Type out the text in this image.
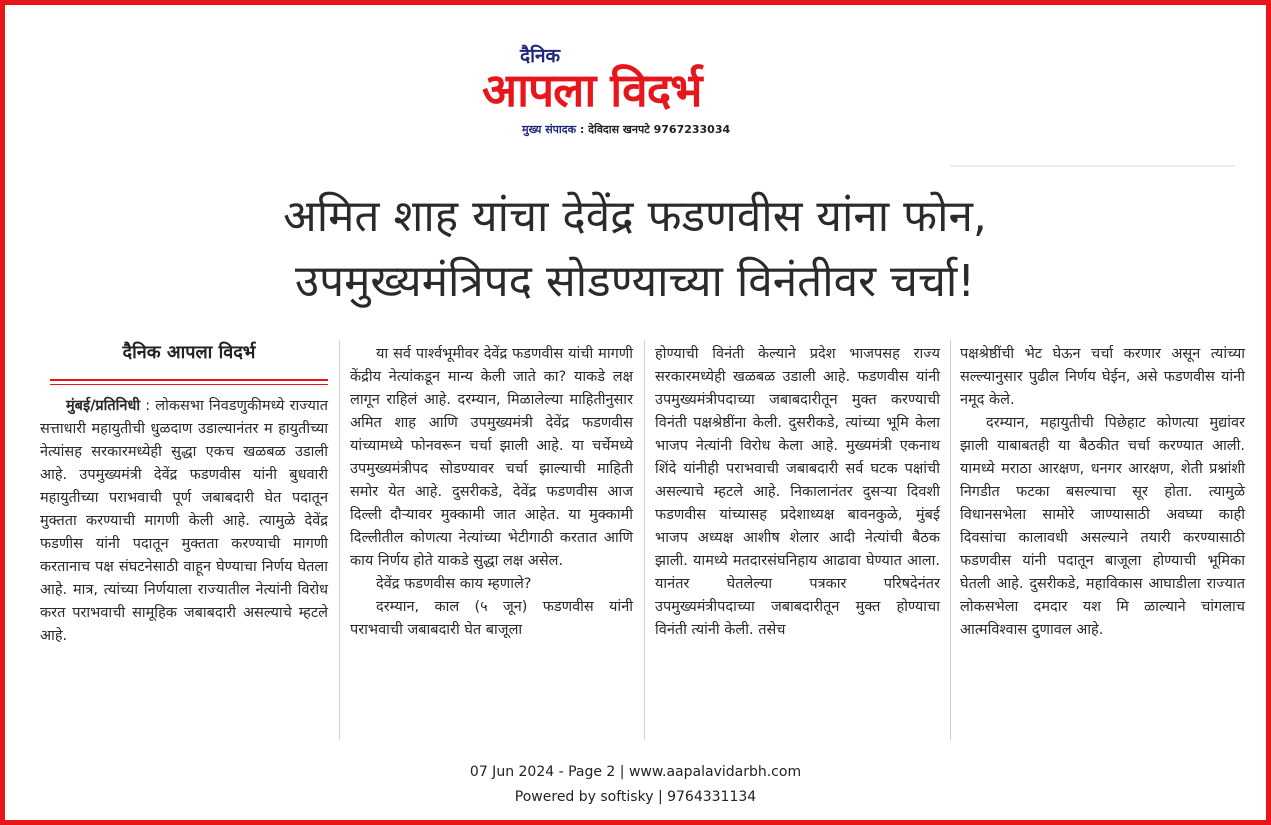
दैनिक
आपला विदर्भ
मुख्य संपादक : देविदास खनपटे 9767233034
अमित शाह यांचा देवेंद्र फडणवीस यांना फोन,
उपमुख्यमंत्रिपद सोडण्याच्या विनंतीवर चर्चा!
दैनिक आपला विदर्भ

मुंबई/प्रतिनिधी : लोकसभा निवडणुकीमध्ये राज्यात सत्ताधारी महायुतीची धुळदाण उडाल्यानंतर म हायुतीच्या नेत्यांसह सरकारमध्येही सुद्धा एकच खळबळ उडाली आहे. उपमुख्यमंत्री देवेंद्र फडणवीस यांनी बुधवारी महायुतीच्या पराभवाची पूर्ण जबाबदारी घेत पदातून मुक्तता करण्याची मागणी केली आहे. त्यामुळे देवेंद्र फडणीस यांनी पदातून मुक्तता करण्याची मागणी करतानाच पक्ष संघटनेसाठी वाहून घेण्याचा निर्णय घेतला आहे. मात्र, त्यांच्या निर्णयाला राज्यातील नेत्यांनी विरोध करत पराभवाची सामूहिक जबाबदारी असल्याचे म्हटले आहे.

या सर्व पार्श्वभूमीवर देवेंद्र फडणवीस यांची मागणी केंद्रीय नेत्यांकडून मान्य केली जाते का? याकडे लक्ष लागून राहिलं आहे. दरम्यान, मिळालेल्या माहितीनुसार अमित शाह आणि उपमुख्यमंत्री देवेंद्र फडणवीस यांच्यामध्ये फोनवरून चर्चा झाली आहे. या चर्चेमध्ये उपमुख्यमंत्रीपद सोडण्यावर चर्चा झाल्याची माहिती समोर येत आहे. दुसरीकडे, देवेंद्र फडणवीस आज दिल्ली दौऱ्यावर मुक्कामी जात आहेत. या मुक्कामी दिल्लीतील कोणत्या नेत्यांच्या भेटीगाठी करतात आणि काय निर्णय होते याकडे सुद्धा लक्ष असेल.

देवेंद्र फडणवीस काय म्हणाले?

दरम्यान, काल (५ जून) फडणवीस यांनी पराभवाची जबाबदारी घेत बाजूला

होण्याची विनंती केल्याने प्रदेश भाजपसह राज्य सरकारमध्येही खळबळ उडाली आहे. फडणवीस यांनी उपमुख्यमंत्रीपदाच्या जबाबदारीतून मुक्त करण्याची विनंती पक्षश्रेष्ठींना केली. दुसरीकडे, त्यांच्या भूमि केला भाजप नेत्यांनी विरोध केला आहे. मुख्यमंत्री एकनाथ शिंदे यांनीही पराभवाची जबाबदारी सर्व घटक पक्षांची असल्याचे म्हटले आहे. निकालानंतर दुसऱ्या दिवशी फडणवीस यांच्यासह प्रदेशाध्यक्ष बावनकुळे, मुंबई भाजप अध्यक्ष आशीष शेलार आदी नेत्यांची बैठक झाली. यामध्ये मतदारसंघनिहाय आढावा घेण्यात आला. यानंतर घेतलेल्या पत्रकार परिषदेनंतर उपमुख्यमंत्रीपदाच्या जबाबदारीतून मुक्त होण्याचा विनंती त्यांनी केली. तसेच

पक्षश्रेष्ठींची भेट घेऊन चर्चा करणार असून त्यांच्या सल्ल्यानुसार पुढील निर्णय घेईन, असे फडणवीस यांनी नमूद केले.

दरम्यान, महायुतीची पिछेहाट कोणत्या मुद्यांवर झाली याबाबतही या बैठकीत चर्चा करण्यात आली. यामध्ये मराठा आरक्षण, धनगर आरक्षण, शेती प्रश्नांशी निगडीत फटका बसल्याचा सूर होता. त्यामुळे विधानसभेला सामोरे जाण्यासाठी अवघ्या काही दिवसांचा कालावधी असल्याने तयारी करण्यासाठी फडणवीस यांनी पदातून बाजूला होण्याची भूमिका घेतली आहे. दुसरीकडे, महाविकास आघाडीला राज्यात लोकसभेला दमदार यश मि ळाल्याने चांगलाच आत्मविश्वास दुणावल आहे.

07 Jun 2024 - Page 2 | www.aapalavidarbh.com
Powered by softisky | 9764331134
